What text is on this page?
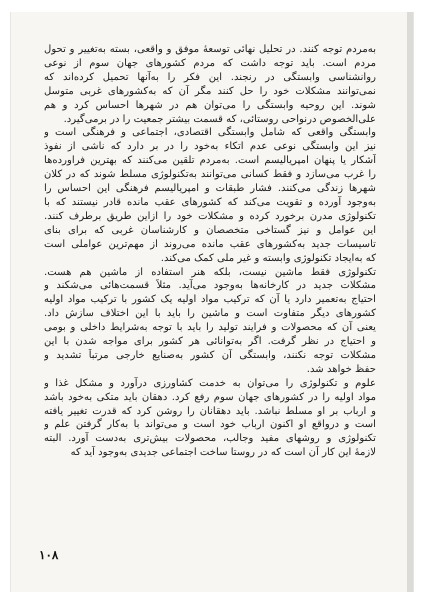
به‌مردم توجه کنند. در تحلیل نهائی توسعهٔ موفق و واقعی، بسته به‌تغییر و تحول
مردم است. باید توجه داشت که مردم کشورهای جهان سوم از نوعی
روانشناسی وابستگی در رنجند. این فکر را به‌آنها تحمیل کرده‌اند که
نمی‌توانند مشکلات خود را حل کنند مگر آن که به‌کشورهای غربی متوسل
شوند. این روحیه وابستگی را می‌توان هم در شهرها احساس کرد و هم
علی‌الخصوص درنواحی روستائی، که قسمت بیشتر جمعیت را در برمی‌گیرد.
وابستگی واقعی که شامل وابستگی اقتصادی، اجتماعی و فرهنگی است و
نیز این وابستگی نوعی عدم اتکاء به‌خود را در بر دارد که ناشی از نفوذ
آشکار یا پنهان امپریالیسم است. به‌مردم تلقین می‌کنند که بهترین فراورده‌ها
را غرب می‌سازد و فقط کسانی می‌توانند به‌تکنولوژی مسلط شوند که در کلان
شهرها زندگی می‌کنند. فشار طبقات و امپریالیسم فرهنگی این احساس را
به‌وجود آورده و تقویت می‌کند که کشورهای عقب مانده قادر نیستند که با
تکنولوژی مدرن برخورد کرده و مشکلات خود را ازاین طریق برطرف کنند.
این عوامل و نیز گستاخی متخصصان و کارشناسان غربی که برای بنای
تاسیسات جدید به‌کشورهای عقب مانده می‌روند از مهم‌ترین عواملی است
که به‌ایجاد تکنولوژی وابسته و غیر ملی کمک می‌کند.
تکنولوژی فقط ماشین نیست، بلکه هنر استفاده از ماشین هم هست.
مشکلات جدید در کارخانه‌ها به‌وجود می‌آید. مثلاً قسمت‌هائی می‌شکند و
احتیاج به‌تعمیر دارد یا آن که ترکیب مواد اولیه یک کشور با ترکیب مواد اولیه
کشورهای دیگر متفاوت است و ماشین را باید با این اختلاف سازش داد.
یعنی آن که محصولات و فرایند تولید را باید با توجه به‌شرایط داخلی و بومی
و احتیاج در نظر گرفت. اگر به‌توانائی هر کشور برای مواجه شدن با این
مشکلات توجه نکنند، وابستگی آن کشور به‌صنایع خارجی مرتباً تشدید و
حفظ خواهد شد.
علوم و تکنولوژی را می‌توان به خدمت کشاورزی درآورد و مشکل غذا و
مواد اولیه را در کشورهای جهان سوم رفع کرد. دهقان باید متکی به‌خود باشد
و ارباب بر او مسلط نباشد. باید دهقانان را روشن کرد که قدرت تغییر یافته
است و درواقع او اکنون ارباب خود است و می‌تواند با به‌کار گرفتن علم و
تکنولوژی و روشهای مفید وجالب، محصولات بیش‌تری به‌دست آورد. البته
لازمهٔ این کار آن است که در روستا ساخت اجتماعی جدیدی به‌وجود آید که
۱۰۸
